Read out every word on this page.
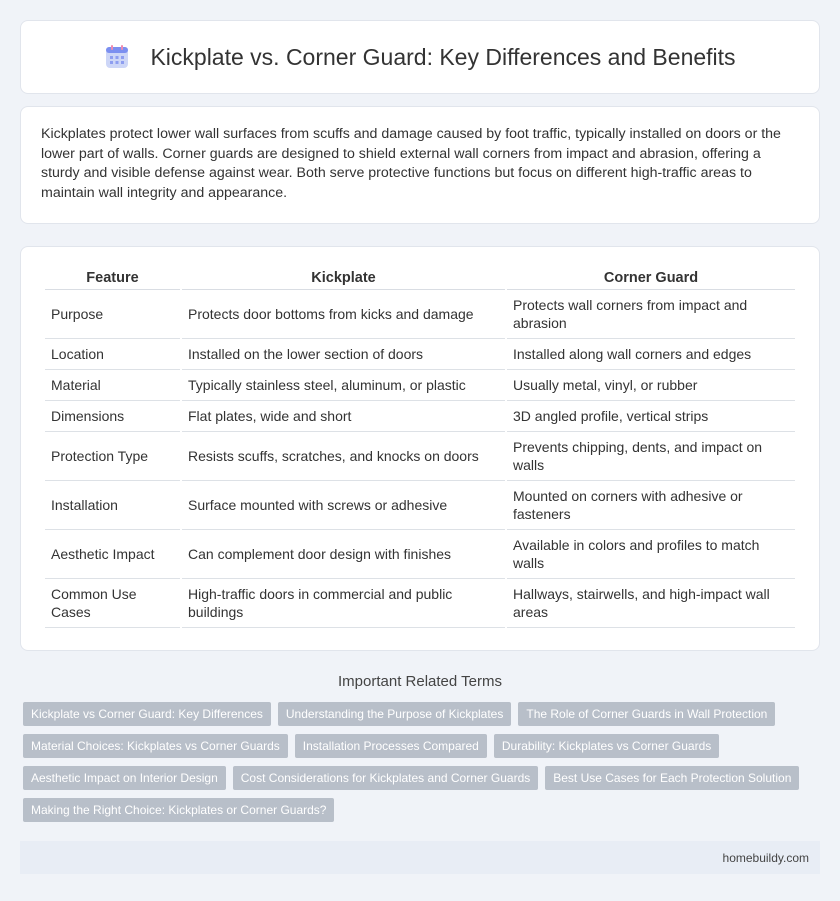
Kickplate vs. Corner Guard: Key Differences and Benefits

Kickplates protect lower wall surfaces from scuffs and damage caused by foot traffic, typically installed on doors or the lower part of walls. Corner guards are designed to shield external wall corners from impact and abrasion, offering a sturdy and visible defense against wear. Both serve protective functions but focus on different high-traffic areas to maintain wall integrity and appearance.

Feature	Kickplate	Corner Guard
Purpose	Protects door bottoms from kicks and damage	Protects wall corners from impact and abrasion
Location	Installed on the lower section of doors	Installed along wall corners and edges
Material	Typically stainless steel, aluminum, or plastic	Usually metal, vinyl, or rubber
Dimensions	Flat plates, wide and short	3D angled profile, vertical strips
Protection Type	Resists scuffs, scratches, and knocks on doors	Prevents chipping, dents, and impact on walls
Installation	Surface mounted with screws or adhesive	Mounted on corners with adhesive or fasteners
Aesthetic Impact	Can complement door design with finishes	Available in colors and profiles to match walls
Common Use Cases	High-traffic doors in commercial and public buildings	Hallways, stairwells, and high-impact wall areas
Important Related Terms
Kickplate vs Corner Guard: Key Differences	Understanding the Purpose of Kickplates	The Role of Corner Guards in Wall Protection
Material Choices: Kickplates vs Corner Guards	Installation Processes Compared	Durability: Kickplates vs Corner Guards
Aesthetic Impact on Interior Design	Cost Considerations for Kickplates and Corner Guards	Best Use Cases for Each Protection Solution
Making the Right Choice: Kickplates or Corner Guards?
homebuildy.com
